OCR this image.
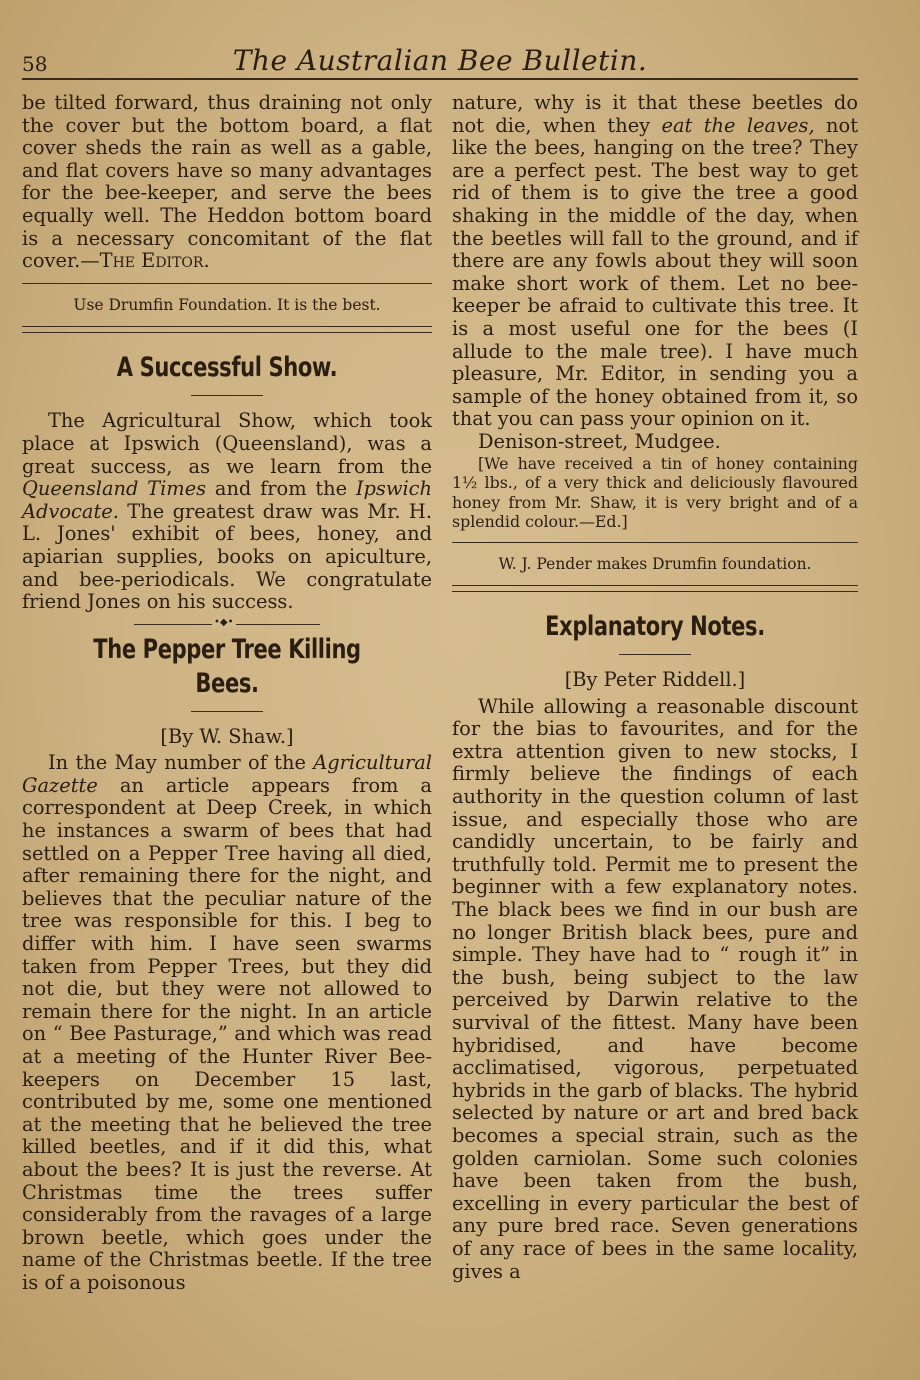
58	The Australian Bee Bulletin.

be tilted forward, thus draining not only the cover but the bottom board, a flat cover sheds the rain as well as a gable, and flat covers have so many advantages for the bee-keeper, and serve the bees equally well. The Heddon bottom board is a necessary concomitant of the flat cover.—The Editor.

Use Drumfin Foundation. It is the best.

A Successful Show.

The Agricultural Show, which took place at Ipswich (Queensland), was a great success, as we learn from the Queensland Times and from the Ipswich Advocate. The greatest draw was Mr. H. L. Jones' exhibit of bees, honey, and apiarian supplies, books on apiculture, and bee-periodicals. We congratulate friend Jones on his success.

•◆•
The Pepper Tree Killing Bees.

[By W. Shaw.]

In the May number of the Agricultural Gazette an article appears from a correspondent at Deep Creek, in which he instances a swarm of bees that had settled on a Pepper Tree having all died, after remaining there for the night, and believes that the peculiar nature of the tree was responsible for this. I beg to differ with him. I have seen swarms taken from Pepper Trees, but they did not die, but they were not allowed to remain there for the night. In an article on “ Bee Pasturage,” and which was read at a meeting of the Hunter River Bee-keepers on December 15 last, contributed by me, some one mentioned at the meeting that he believed the tree killed beetles, and if it did this, what about the bees? It is just the reverse. At Christmas time the trees suffer considerably from the ravages of a large brown beetle, which goes under the name of the Christmas beetle. If the tree is of a poisonous

nature, why is it that these beetles do not die, when they eat the leaves, not like the bees, hanging on the tree? They are a perfect pest. The best way to get rid of them is to give the tree a good shaking in the middle of the day, when the beetles will fall to the ground, and if there are any fowls about they will soon make short work of them. Let no bee-keeper be afraid to cultivate this tree. It is a most useful one for the bees (I allude to the male tree). I have much pleasure, Mr. Editor, in sending you a sample of the honey obtained from it, so that you can pass your opinion on it.

Denison-street, Mudgee.

[We have received a tin of honey containing 1½ lbs., of a very thick and deliciously flavoured honey from Mr. Shaw, it is very bright and of a splendid colour.—Ed.]

W. J. Pender makes Drumfin foundation.

Explanatory Notes.

[By Peter Riddell.]

While allowing a reasonable discount for the bias to favourites, and for the extra attention given to new stocks, I firmly believe the findings of each authority in the question column of last issue, and especially those who are candidly uncertain, to be fairly and truthfully told. Permit me to present the beginner with a few explanatory notes. The black bees we find in our bush are no longer British black bees, pure and simple. They have had to “ rough it” in the bush, being subject to the law perceived by Darwin relative to the survival of the fittest. Many have been hybridised, and have become acclimatised, vigorous, perpetuated hybrids in the garb of blacks. The hybrid selected by nature or art and bred back becomes a special strain, such as the golden carniolan. Some such colonies have been taken from the bush, excelling in every particular the best of any pure bred race. Seven generations of any race of bees in the same locality, gives a
